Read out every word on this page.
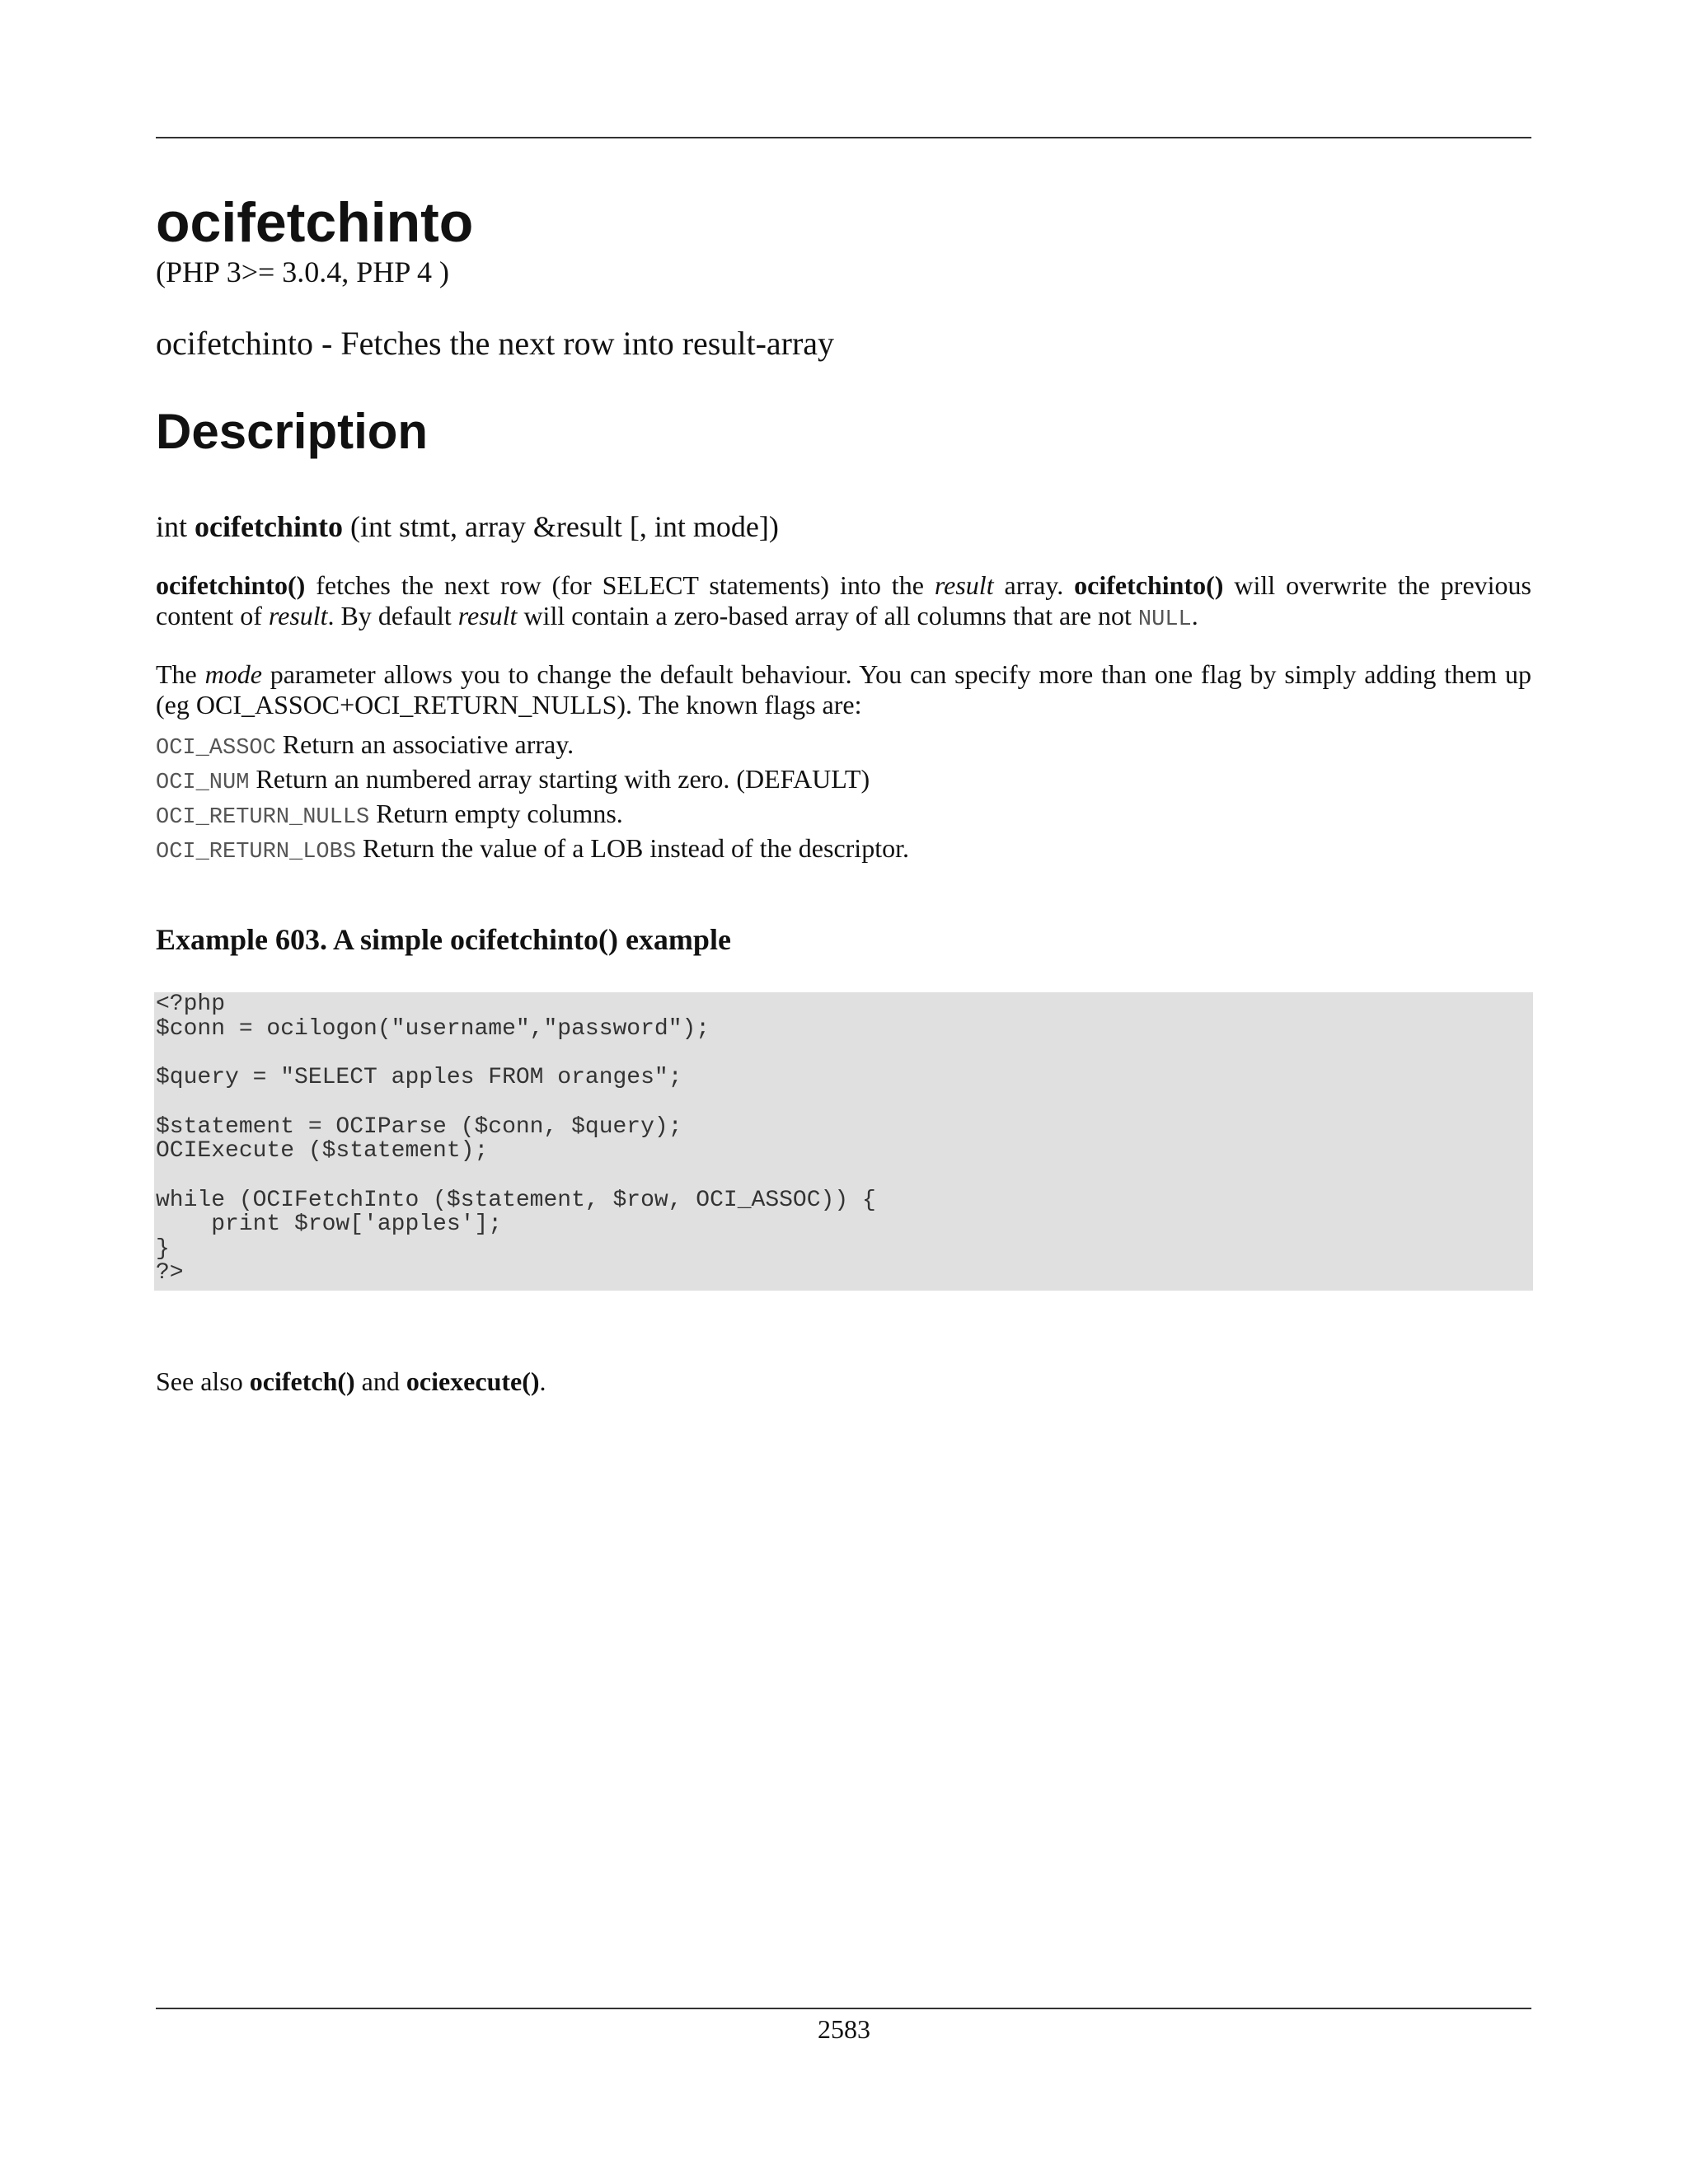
ocifetchinto
(PHP 3>= 3.0.4, PHP 4 )
ocifetchinto - Fetches the next row into result-array
Description
int ocifetchinto (int stmt, array &result [, int mode])

ocifetchinto() fetches the next row (for SELECT statements) into the result array. ocifetchinto() will overwrite the previous content of result. By default result will contain a zero-based array of all columns that are not NULL.

The mode parameter allows you to change the default behaviour. You can specify more than one flag by simply adding them up (eg OCI_ASSOC+OCI_RETURN_NULLS). The known flags are:

OCI_ASSOC Return an associative array.
OCI_NUM Return an numbered array starting with zero. (DEFAULT)
OCI_RETURN_NULLS Return empty columns.
OCI_RETURN_LOBS Return the value of a LOB instead of the descriptor.
Example 603. A simple ocifetchinto() example
<?php
$conn = ocilogon("username","password");
$query = "SELECT apples FROM oranges";
$statement = OCIParse ($conn, $query);
OCIExecute ($statement);
while (OCIFetchInto ($statement, $row, OCI_ASSOC)) {
print $row['apples'];
}
?>
See also ocifetch() and ociexecute().
2583
